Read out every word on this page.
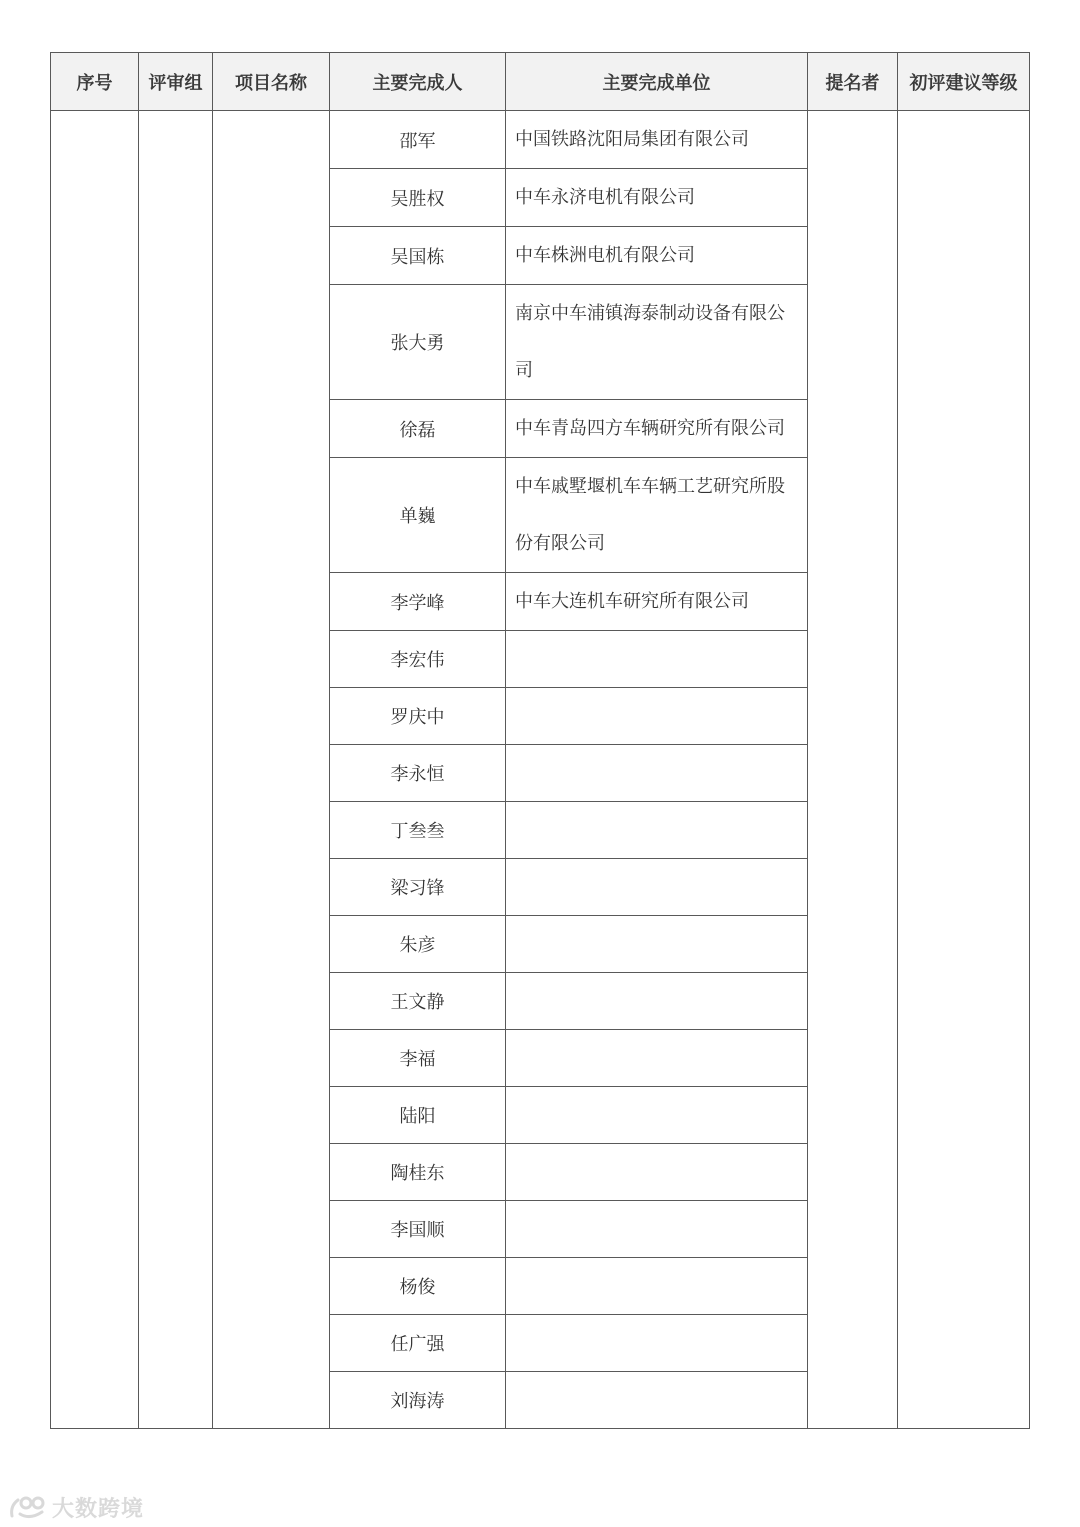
序号	评审组	项目名称	主要完成人	主要完成单位	提名者	初评建议等级
			邵军	中国铁路沈阳局集团有限公司		
			吴胜权	中车永济电机有限公司		
			吴国栋	中车株洲电机有限公司		
			张大勇	南京中车浦镇海泰制动设备有限公司		
			徐磊	中车青岛四方车辆研究所有限公司		
			单巍	中车戚墅堰机车车辆工艺研究所股份有限公司		
			李学峰	中车大连机车研究所有限公司		
			李宏伟			
			罗庆中			
			李永恒			
			丁叁叁			
			梁习锋			
			朱彦			
			王文静			
			李福			
			陆阳			
			陶桂东			
			李国顺			
			杨俊			
			任广强			
			刘海涛			
大数跨境
